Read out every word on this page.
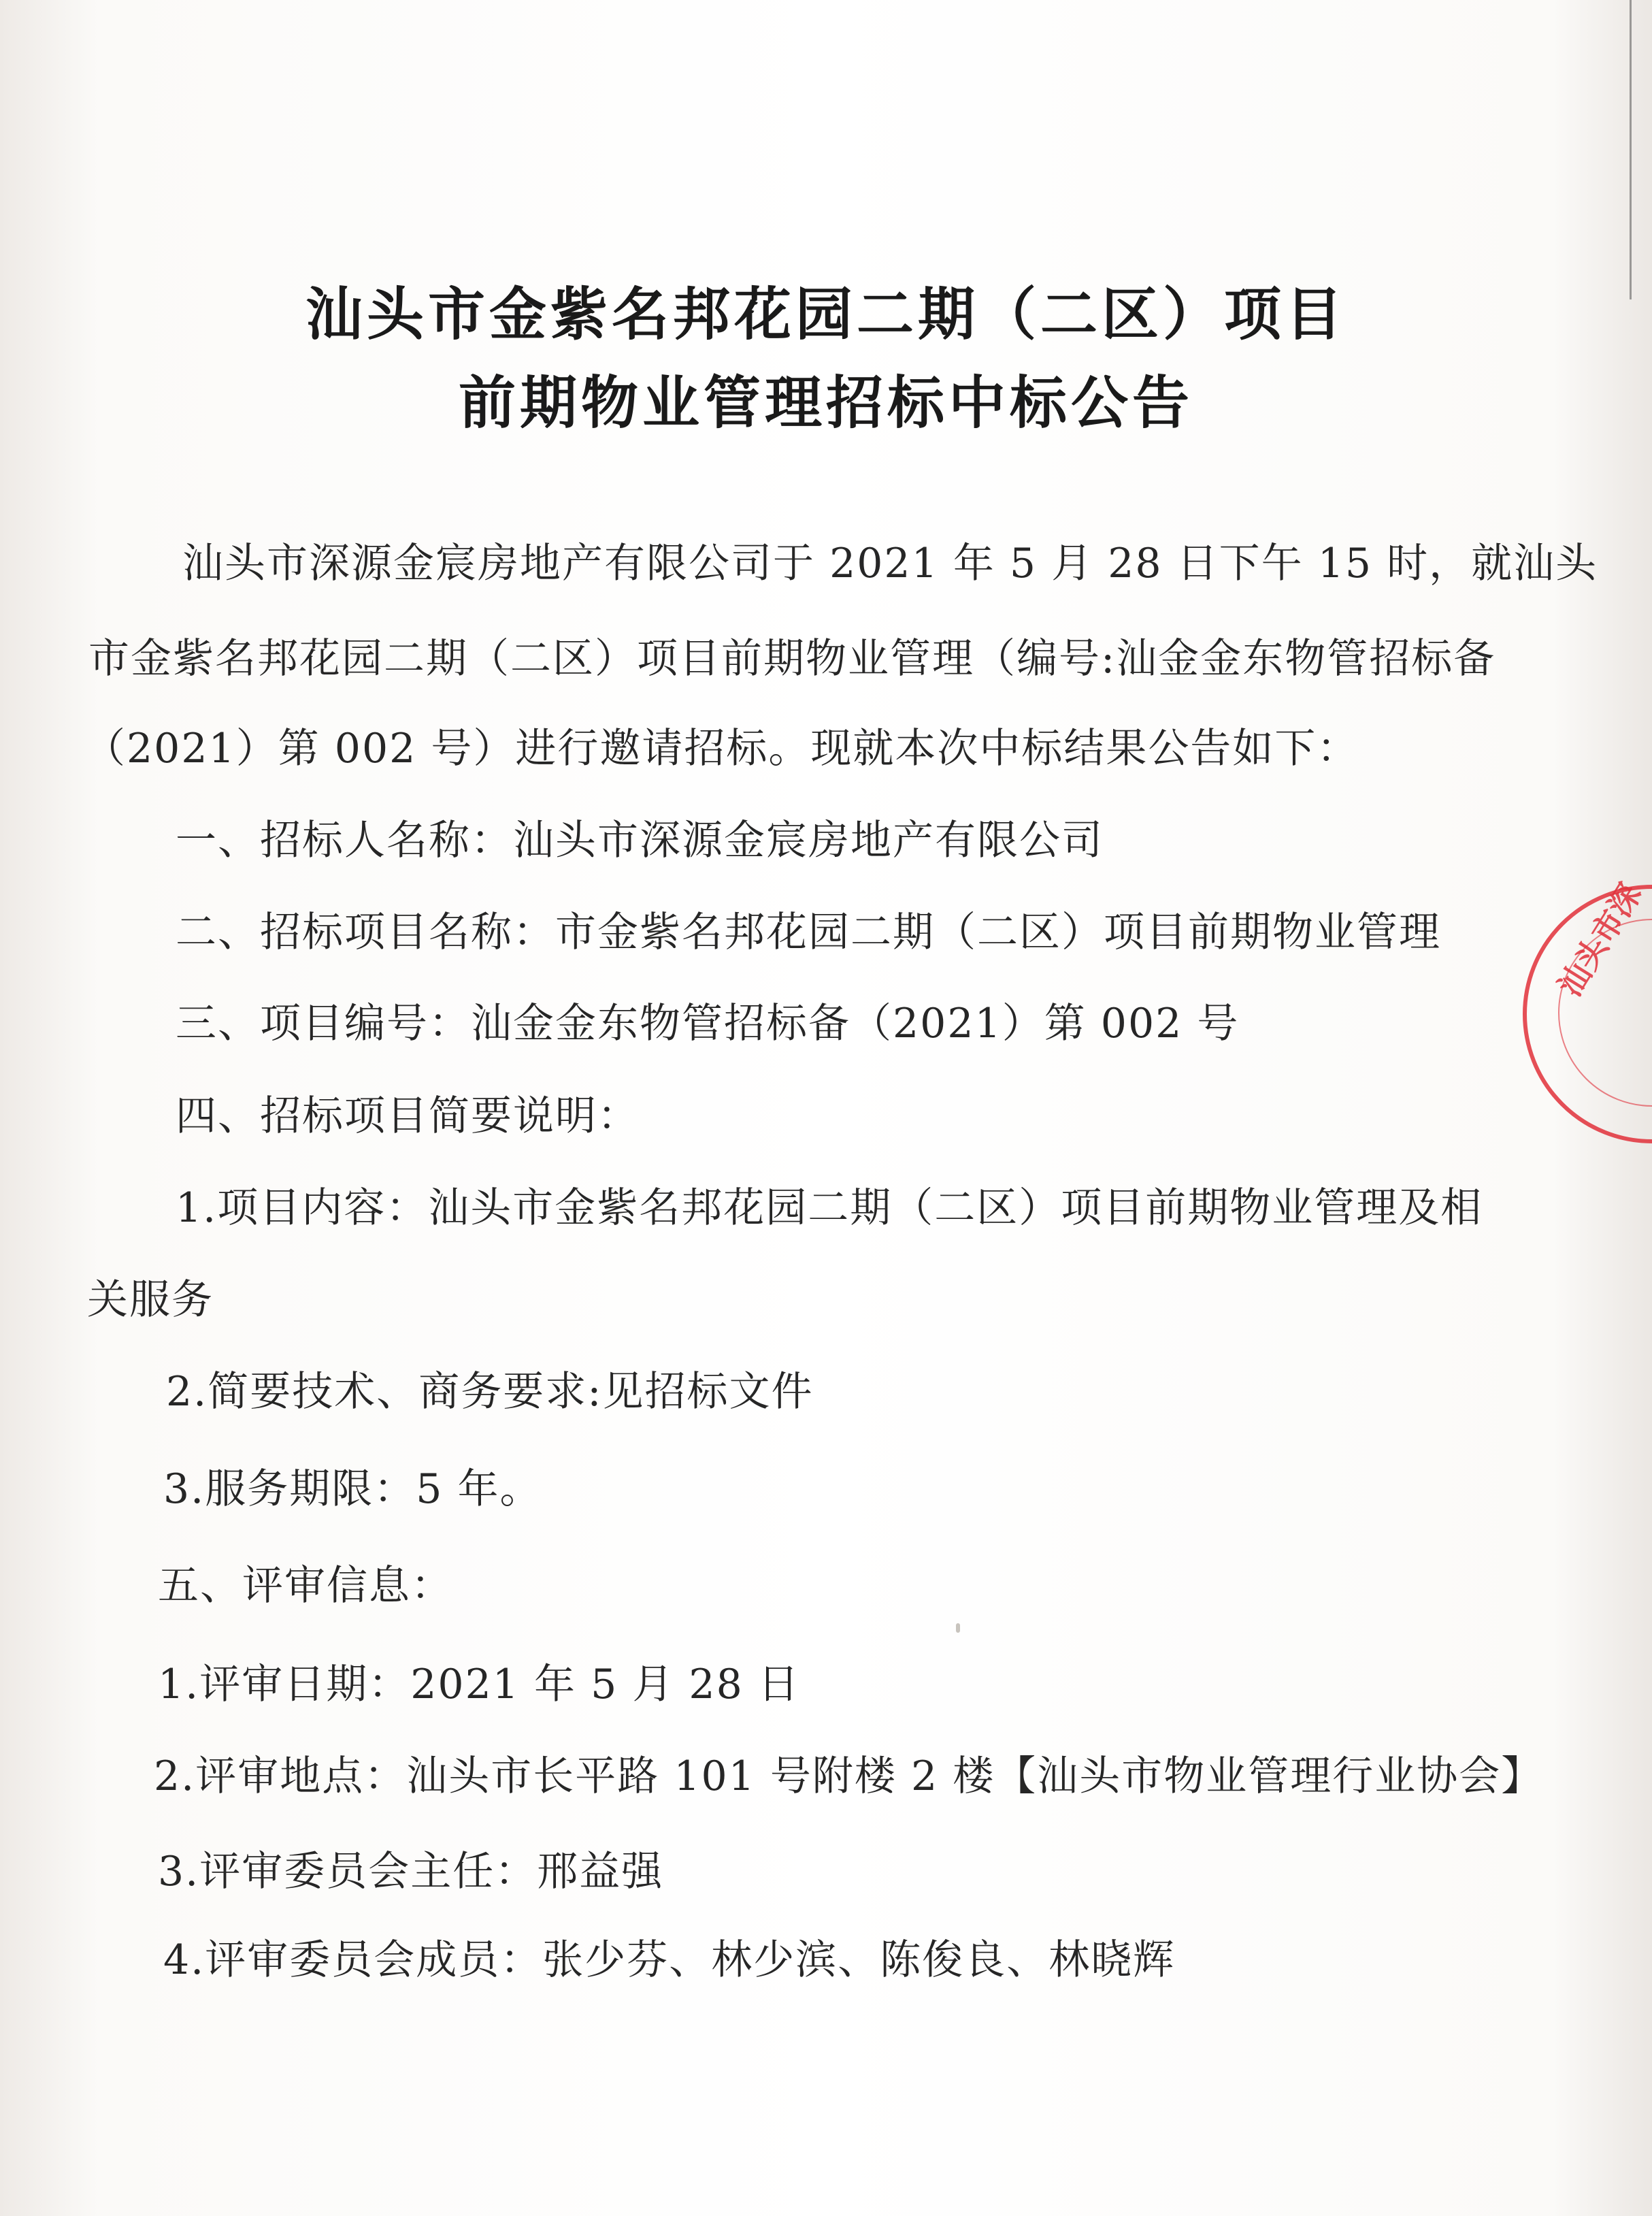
汕头市金紫名邦花园二期（二区）项目
前期物业管理招标中标公告
汕头市深源金宸房地产有限公司于 2021 年 5 月 28 日下午 15 时，就汕头
市金紫名邦花园二期（二区）项目前期物业管理（编号:汕金金东物管招标备
（2021）第 002 号）进行邀请招标。现就本次中标结果公告如下：
一、招标人名称：汕头市深源金宸房地产有限公司
二、招标项目名称：市金紫名邦花园二期（二区）项目前期物业管理
三、项目编号：汕金金东物管招标备（2021）第 002 号
四、招标项目简要说明：
1.项目内容：汕头市金紫名邦花园二期（二区）项目前期物业管理及相
关服务
2.简要技术、商务要求:见招标文件
3.服务期限：5 年。
五、评审信息：
1.评审日期：2021 年 5 月 28 日
2.评审地点：汕头市长平路 101 号附楼 2 楼【汕头市物业管理行业协会】
3.评审委员会主任：邢益强
4.评审委员会成员：张少芬、林少滨、陈俊良、林晓辉
汕头市深
